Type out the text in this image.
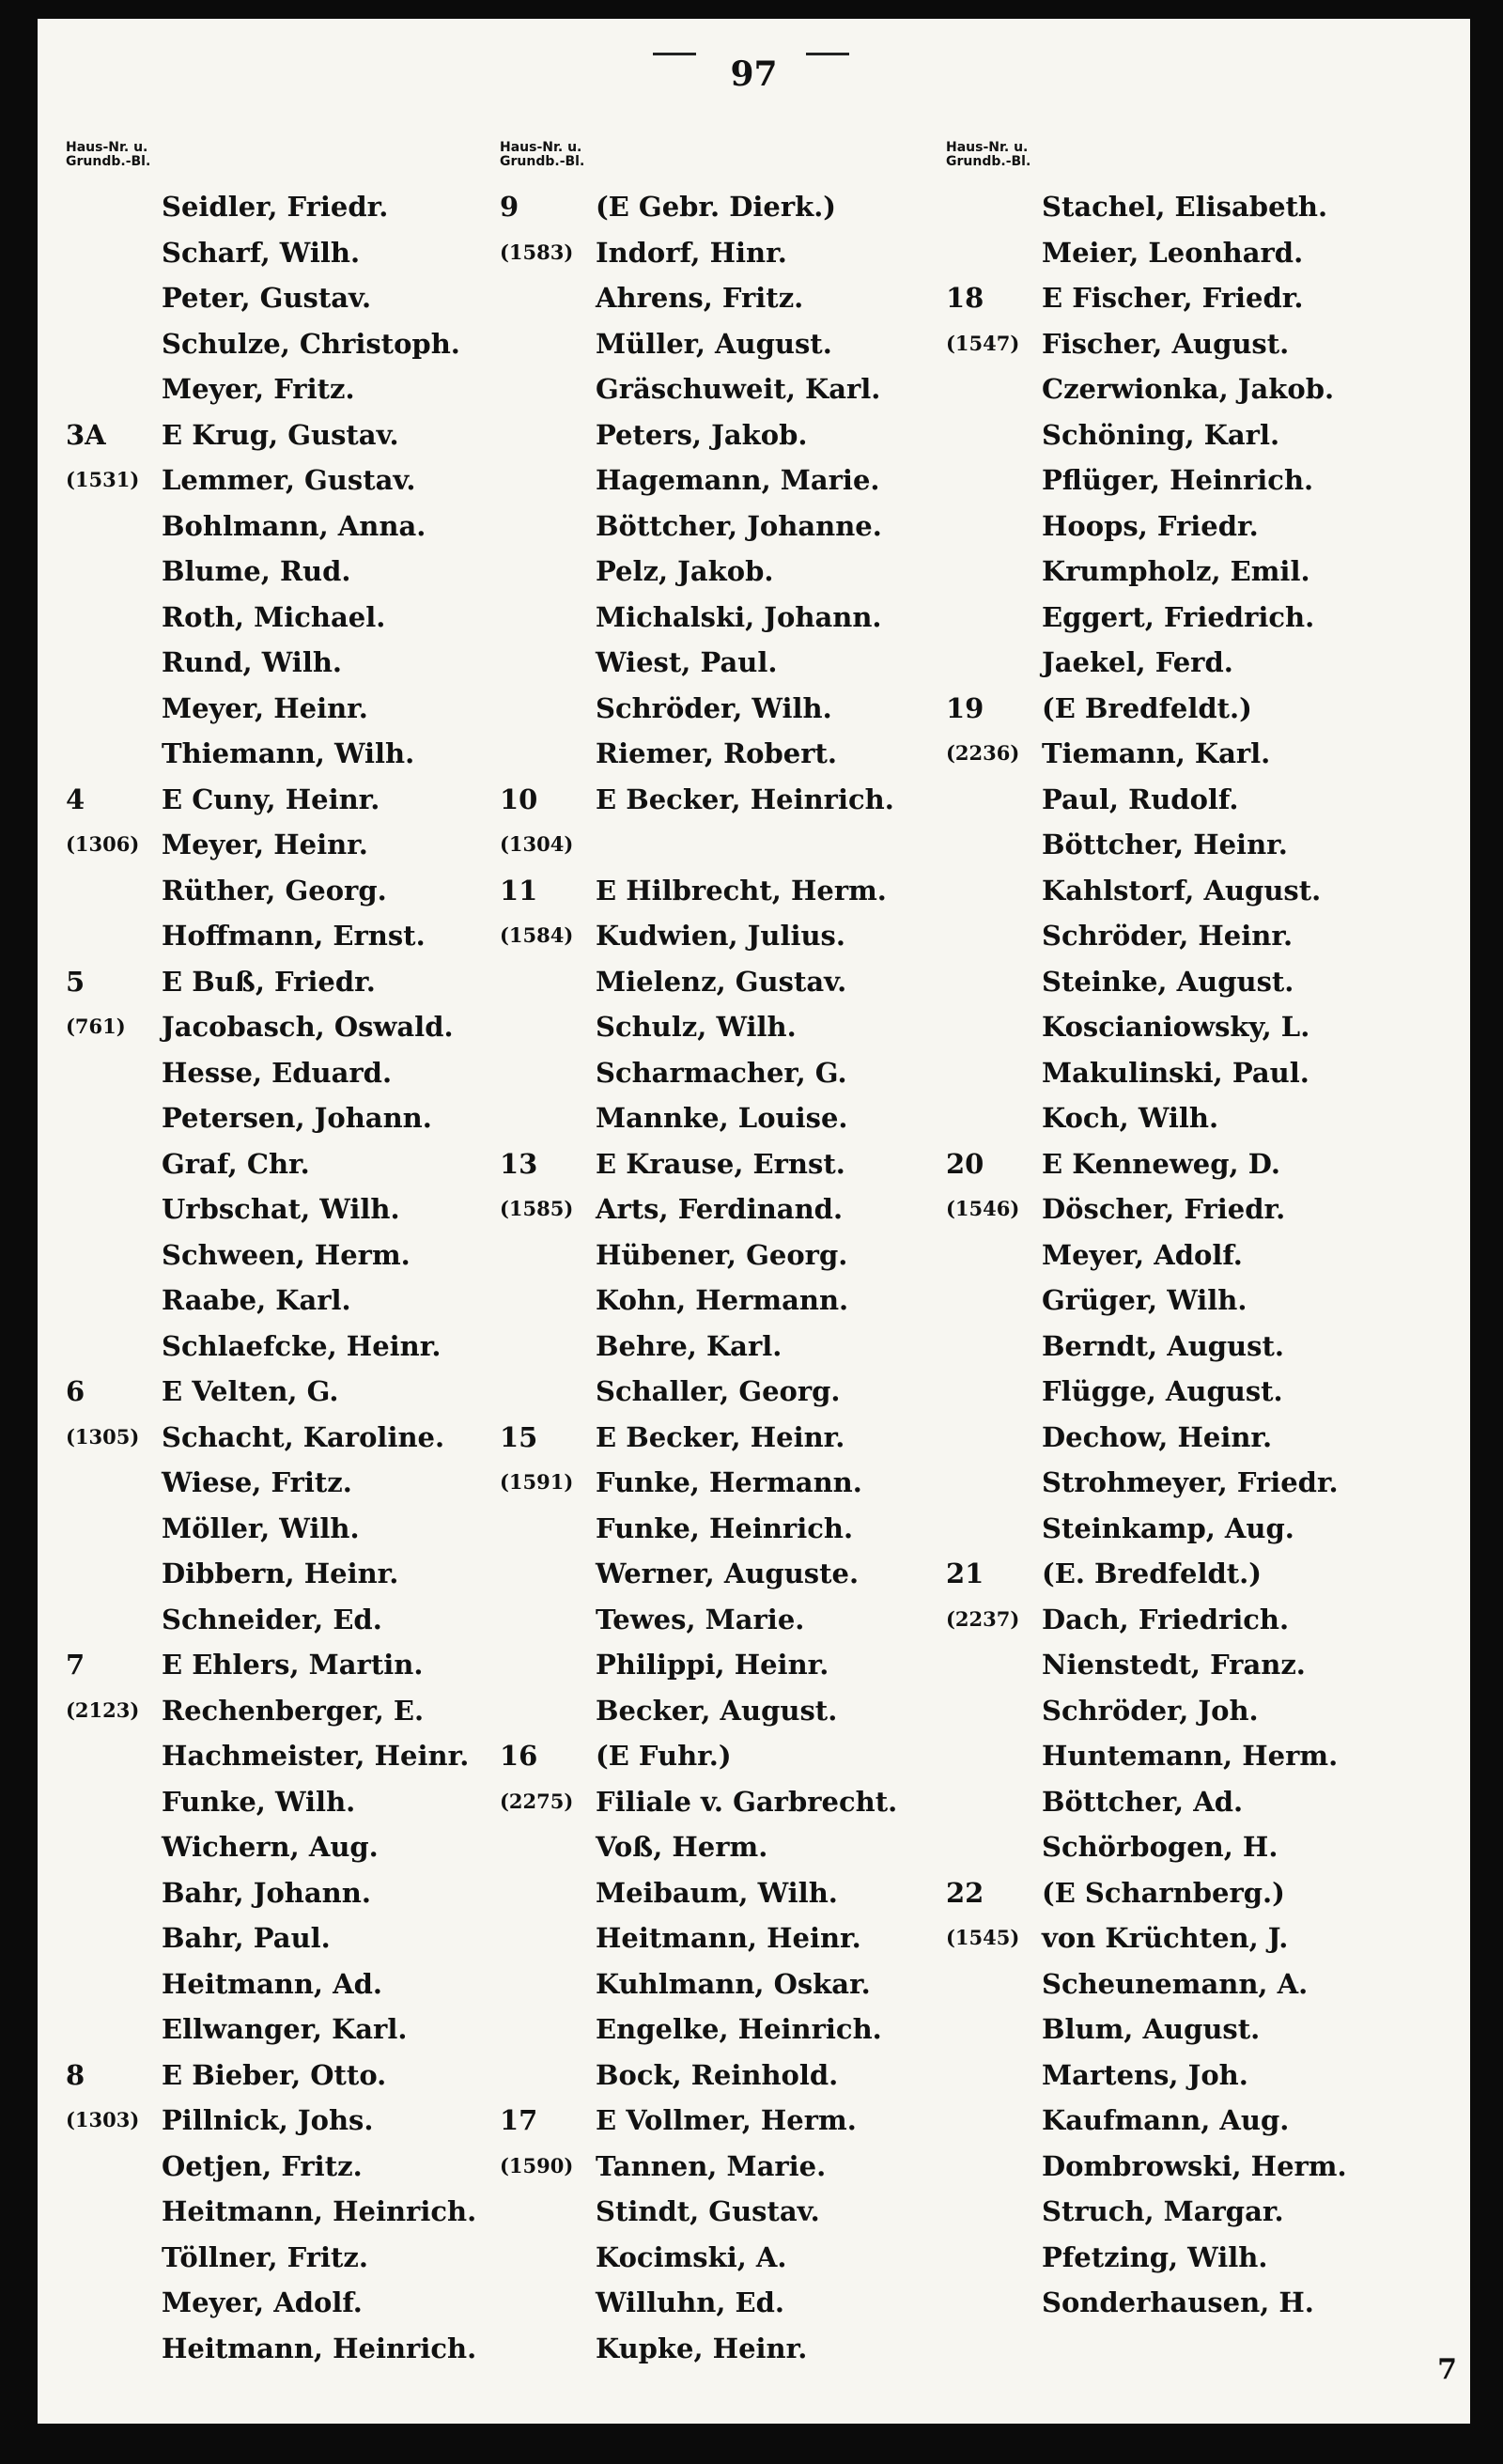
97
Haus-Nr. u.
Grundb.-Bl.
Seidler, Friedr.
Scharf, Wilh.
Peter, Gustav.
Schulze, Christoph.
Meyer, Fritz.
3A E Krug, Gustav.
(1531) Lemmer, Gustav.
Bohlmann, Anna.
Blume, Rud.
Roth, Michael.
Rund, Wilh.
Meyer, Heinr.
Thiemann, Wilh.
4	E Cuny, Heinr.
(1306) Meyer, Heinr.
Rüther, Georg.
Hoffmann, Ernst.
5	E Buß, Friedr.
(761) Jacobasch, Oswald.
Hesse, Eduard.
Petersen, Johann.
Graf, Chr.
Urbschat, Wilh.
Schween, Herm.
Raabe, Karl.
Schlaefcke, Heinr.
6	E Velten, G.
(1305) Schacht, Karoline.
Wiese, Fritz.
Möller, Wilh.
Dibbern, Heinr.
Schneider, Ed.
7	E Ehlers, Martin.
(2123) Rechenberger, E.
Hachmeister, Heinr.
Funke, Wilh.
Wichern, Aug.
Bahr, Johann.
Bahr, Paul.
Heitmann, Ad.
Ellwanger, Karl.
8	E Bieber, Otto.
(1303) Pillnick, Johs.
Oetjen, Fritz.
Heitmann, Heinrich.
Töllner, Fritz.
Meyer, Adolf.
Heitmann, Heinrich.
Haus-Nr. u.
Grundb.-Bl.
9	(E Gebr. Dierk.)
(1583) Indorf, Hinr.
Ahrens, Fritz.
Müller, August.
Gräschuweit, Karl.
Peters, Jakob.
Hagemann, Marie.
Böttcher, Johanne.
Pelz, Jakob.
Michalski, Johann.
Wiest, Paul.
Schröder, Wilh.
Riemer, Robert.
10 E Becker, Heinrich.
(1304)
11 E Hilbrecht, Herm.
(1584) Kudwien, Julius.
Mielenz, Gustav.
Schulz, Wilh.
Scharmacher, G.
Mannke, Louise.
13 E Krause, Ernst.
(1585) Arts, Ferdinand.
Hübener, Georg.
Kohn, Hermann.
Behre, Karl.
Schaller, Georg.
15 E Becker, Heinr.
(1591) Funke, Hermann.
Funke, Heinrich.
Werner, Auguste.
Tewes, Marie.
Philippi, Heinr.
Becker, August.
16 (E Fuhr.)
(2275) Filiale v. Garbrecht.
Voß, Herm.
Meibaum, Wilh.
Heitmann, Heinr.
Kuhlmann, Oskar.
Engelke, Heinrich.
Bock, Reinhold.
17 E Vollmer, Herm.
(1590) Tannen, Marie.
Stindt, Gustav.
Kocimski, A.
Willuhn, Ed.
Kupke, Heinr.
Haus-Nr. u.
Grundb.-Bl.
Stachel, Elisabeth.
Meier, Leonhard.
18 E Fischer, Friedr.
(1547) Fischer, August.
Czerwionka, Jakob.
Schöning, Karl.
Pflüger, Heinrich.
Hoops, Friedr.
Krumpholz, Emil.
Eggert, Friedrich.
Jaekel, Ferd.
19 (E Bredfeldt.)
(2236) Tiemann, Karl.
Paul, Rudolf.
Böttcher, Heinr.
Kahlstorf, August.
Schröder, Heinr.
Steinke, August.
Koscianiowsky, L.
Makulinski, Paul.
Koch, Wilh.
20 E Kenneweg, D.
(1546) Döscher, Friedr.
Meyer, Adolf.
Grüger, Wilh.
Berndt, August.
Flügge, August.
Dechow, Heinr.
Strohmeyer, Friedr.
Steinkamp, Aug.
21 (E. Bredfeldt.)
(2237) Dach, Friedrich.
Nienstedt, Franz.
Schröder, Joh.
Huntemann, Herm.
Böttcher, Ad.
Schörbogen, H.
22 (E Scharnberg.)
(1545) von Krüchten, J.
Scheunemann, A.
Blum, August.
Martens, Joh.
Kaufmann, Aug.
Dombrowski, Herm.
Struch, Margar.
Pfetzing, Wilh.
Sonderhausen, H.
7
